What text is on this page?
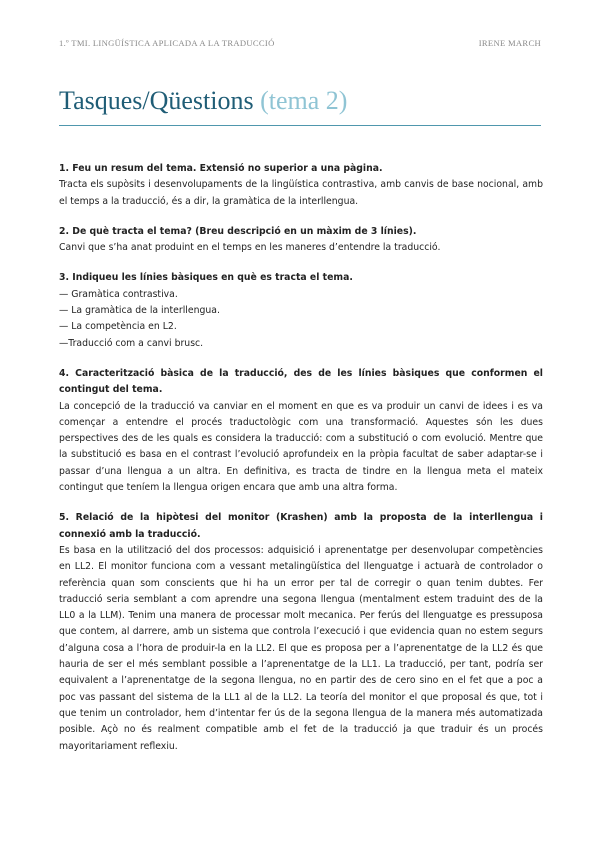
1.º TMI. LINGÜÍSTICA APLICADA A LA TRADUCCIÓ	IRENE MARCH
Tasques/Qüestions (tema 2)
1. Feu un resum del tema. Extensió no superior a una pàgina.
Tracta els supòsits i desenvolupaments de la lingüística contrastiva, amb canvis de base nocional, amb el temps a la traducció, és a dir, la gramàtica de la interllengua.
2. De què tracta el tema? (Breu descripció en un màxim de 3 línies).
Canvi que s’ha anat produint en el temps en les maneres d’entendre la traducció.
3. Indiqueu les línies bàsiques en què es tracta el tema.
— Gramàtica contrastiva.
— La gramàtica de la interllengua.
— La competència en L2.
—Traducció com a canvi brusc.
4. Caracterització bàsica de la traducció, des de les línies bàsiques que conformen el contingut del tema.
La concepció de la traducció va canviar en el moment en que es va produir un canvi de idees i es va començar a entendre el procés traductològic com una transformació. Aquestes són les dues perspectives des de les quals es considera la traducció: com a substitució o com evolució. Mentre que la substitució es basa en el contrast l’evolució aprofundeix en la pròpia facultat de saber adaptar-se i passar d’una llengua a un altra. En definitiva, es tracta de tindre en la llengua meta el mateix contingut que teníem la llengua origen encara que amb una altra forma.
5. Relació de la hipòtesi del monitor (Krashen) amb la proposta de la interllengua i connexió amb la traducció.
Es basa en la utilització del dos processos: adquisició i aprenentatge per desenvolupar competències en LL2. El monitor funciona com a vessant metalingüística del llenguatge i actuarà de controlador o referència quan som conscients que hi ha un error per tal de corregir o quan tenim dubtes. Fer traducció seria semblant a com aprendre una segona llengua (mentalment estem traduint des de la LL0 a la LLM). Tenim una manera de processar molt mecanica. Per ferús del llenguatge es pressuposa que contem, al darrere, amb un sistema que controla l’execució i que evidencia quan no estem segurs d’alguna cosa a l’hora de produir-la en la LL2. El que es proposa per a l’aprenentatge de la LL2 és que hauria de ser el més semblant possible a l’aprenentatge de la LL1. La traducció, per tant, podría ser equivalent a l’aprenentatge de la segona llengua, no en partir des de cero sino en el fet que a poc a poc vas passant del sistema de la LL1 al de la LL2. La teoría del monitor el que proposal és que, tot i que tenim un controlador, hem d’intentar fer ús de la segona llengua de la manera més automatizada posible. Açò no és realment compatible amb el fet de la traducció ja que traduir és un procés mayoritariament reflexiu.
